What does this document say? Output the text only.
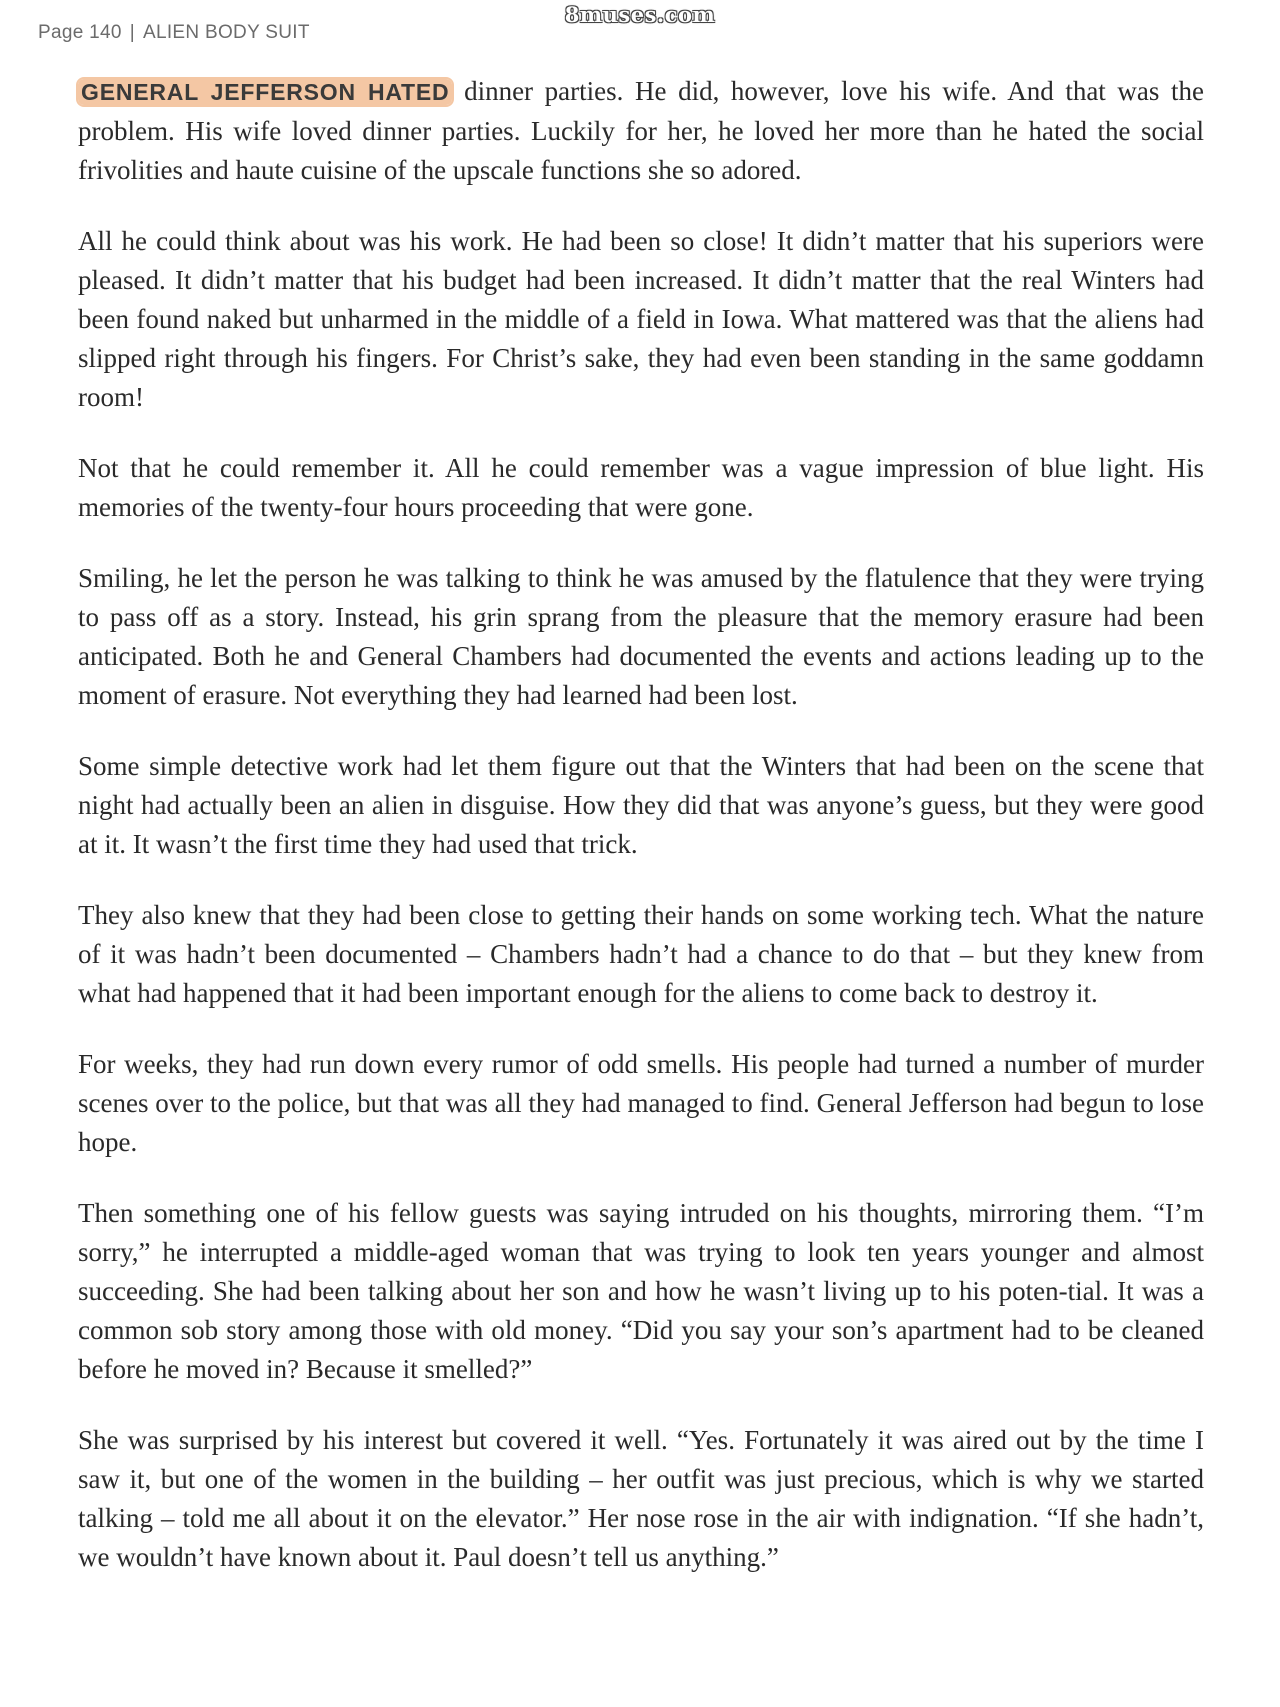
8muses.com
Page 140 | ALIEN BODY SUIT

GENERAL JEFFERSON HATED dinner parties. He did, however, love his wife. And that was the problem. His wife loved dinner parties. Luckily for her, he loved her more than he hated the social frivolities and haute cuisine of the upscale functions she so adored.

All he could think about was his work. He had been so close! It didn’t matter that his superiors were pleased. It didn’t matter that his budget had been increased. It didn’t matter that the real Winters had been found naked but unharmed in the middle of a field in Iowa. What mattered was that the aliens had slipped right through his fingers. For Christ’s sake, they had even been standing in the same goddamn room!

Not that he could remember it. All he could remember was a vague impression of blue light. His memories of the twenty-four hours proceeding that were gone.

Smiling, he let the person he was talking to think he was amused by the flatulence that they were trying to pass off as a story. Instead, his grin sprang from the pleasure that the memory erasure had been anticipated. Both he and General Chambers had documented the events and actions leading up to the moment of erasure. Not everything they had learned had been lost.

Some simple detective work had let them figure out that the Winters that had been on the scene that night had actually been an alien in disguise. How they did that was anyone’s guess, but they were good at it. It wasn’t the first time they had used that trick.

They also knew that they had been close to getting their hands on some working tech. What the nature of it was hadn’t been documented – Chambers hadn’t had a chance to do that – but they knew from what had happened that it had been important enough for the aliens to come back to destroy it.

For weeks, they had run down every rumor of odd smells. His people had turned a number of murder scenes over to the police, but that was all they had managed to find. General Jefferson had begun to lose hope.

Then something one of his fellow guests was saying intruded on his thoughts, mirroring them. “I’m sorry,” he interrupted a middle-aged woman that was trying to look ten years younger and almost succeeding. She had been talking about her son and how he wasn’t living up to his poten-tial. It was a common sob story among those with old money. “Did you say your son’s apartment had to be cleaned before he moved in? Because it smelled?”

She was surprised by his interest but covered it well. “Yes. Fortunately it was aired out by the time I saw it, but one of the women in the building – her outfit was just precious, which is why we started talking – told me all about it on the elevator.” Her nose rose in the air with indignation. “If she hadn’t, we wouldn’t have known about it. Paul doesn’t tell us anything.”
